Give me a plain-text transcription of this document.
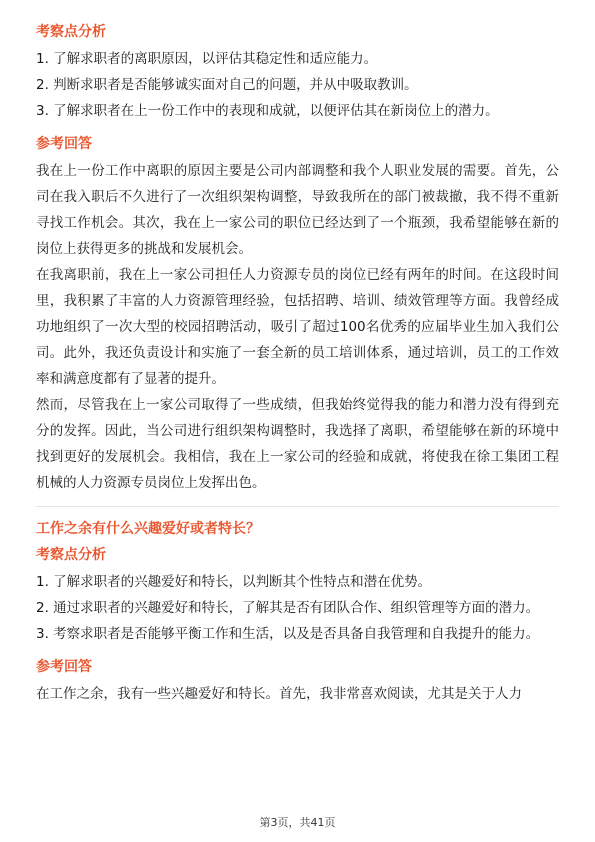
考察点分析
1. 了解求职者的离职原因，以评估其稳定性和适应能力。
2. 判断求职者是否能够诚实面对自己的问题，并从中吸取教训。
3. 了解求职者在上一份工作中的表现和成就，以便评估其在新岗位上的潜力。
参考回答
我在上一份工作中离职的原因主要是公司内部调整和我个人职业发展的需要。首先，公司在我入职后不久进行了一次组织架构调整，导致我所在的部门被裁撤，我不得不重新寻找工作机会。其次，我在上一家公司的职位已经达到了一个瓶颈，我希望能够在新的岗位上获得更多的挑战和发展机会。
在我离职前，我在上一家公司担任人力资源专员的岗位已经有两年的时间。在这段时间里，我积累了丰富的人力资源管理经验，包括招聘、培训、绩效管理等方面。我曾经成功地组织了一次大型的校园招聘活动，吸引了超过100名优秀的应届毕业生加入我们公司。此外，我还负责设计和实施了一套全新的员工培训体系，通过培训，员工的工作效率和满意度都有了显著的提升。
然而，尽管我在上一家公司取得了一些成绩，但我始终觉得我的能力和潜力没有得到充分的发挥。因此，当公司进行组织架构调整时，我选择了离职，希望能够在新的环境中找到更好的发展机会。我相信，我在上一家公司的经验和成就，将使我在徐工集团工程机械的人力资源专员岗位上发挥出色。
工作之余有什么兴趣爱好或者特长？
考察点分析
1. 了解求职者的兴趣爱好和特长，以判断其个性特点和潜在优势。
2. 通过求职者的兴趣爱好和特长，了解其是否有团队合作、组织管理等方面的潜力。
3. 考察求职者是否能够平衡工作和生活，以及是否具备自我管理和自我提升的能力。
参考回答
在工作之余，我有一些兴趣爱好和特长。首先，我非常喜欢阅读，尤其是关于人力
第3页，共41页
